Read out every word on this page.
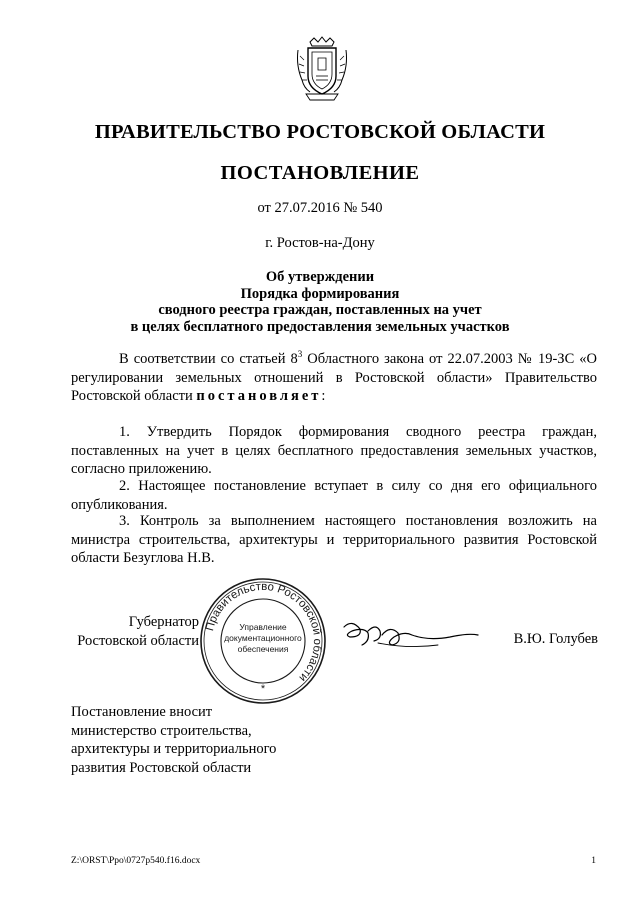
ПРАВИТЕЛЬСТВО РОСТОВСКОЙ ОБЛАСТИ
ПОСТАНОВЛЕНИЕ
от 27.07.2016 № 540
г. Ростов-на-Дону
Об утверждении
Порядка формирования
сводного реестра граждан, поставленных на учет
в целях бесплатного предоставления земельных участков
В соответствии со статьей $8^3$ Областного закона от 22.07.2003 № 19-ЗС «О регулировании земельных отношений в Ростовской области» Правительство Ростовской области постановляет:
1. Утвердить Порядок формирования сводного реестра граждан, поставленных на учет в целях бесплатного предоставления земельных участков, согласно приложению.
2. Настоящее постановление вступает в силу со дня его официального опубликования.
3. Контроль за выполнением настоящего постановления возложить на министра строительства, архитектуры и территориального развития Ростовской области Безуглова Н.В.
Губернатор
Ростовской области
Правительство Ростовской области
Управление
документационного
обеспечения
*
В.Ю. Голубев
Постановление вносит
министерство строительства,
архитектуры и территориального
развития Ростовской области
Z:\ORST\Ppo\0727p540.f16.docx	1
